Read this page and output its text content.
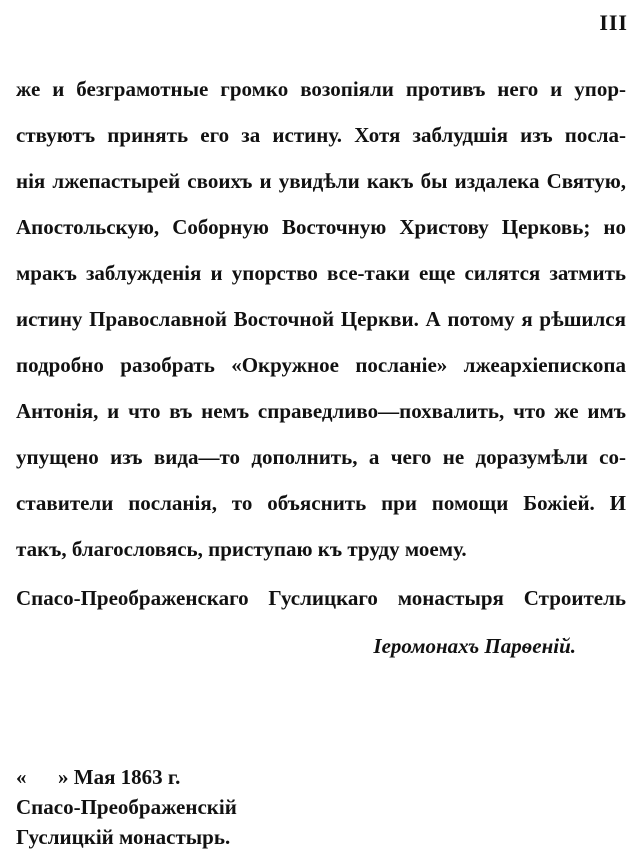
III
же и безграмотные громко возопіяли противъ него и упор-
ствуютъ принять его за истину. Хотя заблудшія изъ посла-
нія лжепастырей своихъ и увидѣли какъ бы издалека Святую,
Апостольскую, Соборную Восточную Христову Церковь; но
мракъ заблужденія и упорство все-таки еще силятся затмить
истину Православной Восточной Церкви. А потому я рѣшился
подробно разобрать «Окружное посланіе» лжеархіепископа
Антонія, и что въ немъ справедливо—похвалить, что же имъ
упущено изъ вида—то дополнить, а чего не доразумѣли со-
ставители посланія, то объяснить при помощи Божіей. И
такъ, благословясь, приступаю къ труду моему.
Спасо-Преображенскаго Гуслицкаго монастыря Строитель
Іеромонахъ Парѳеній.
«      » Мая 1863 г.
Спасо-Преображенскій
Гуслицкій монастырь.
